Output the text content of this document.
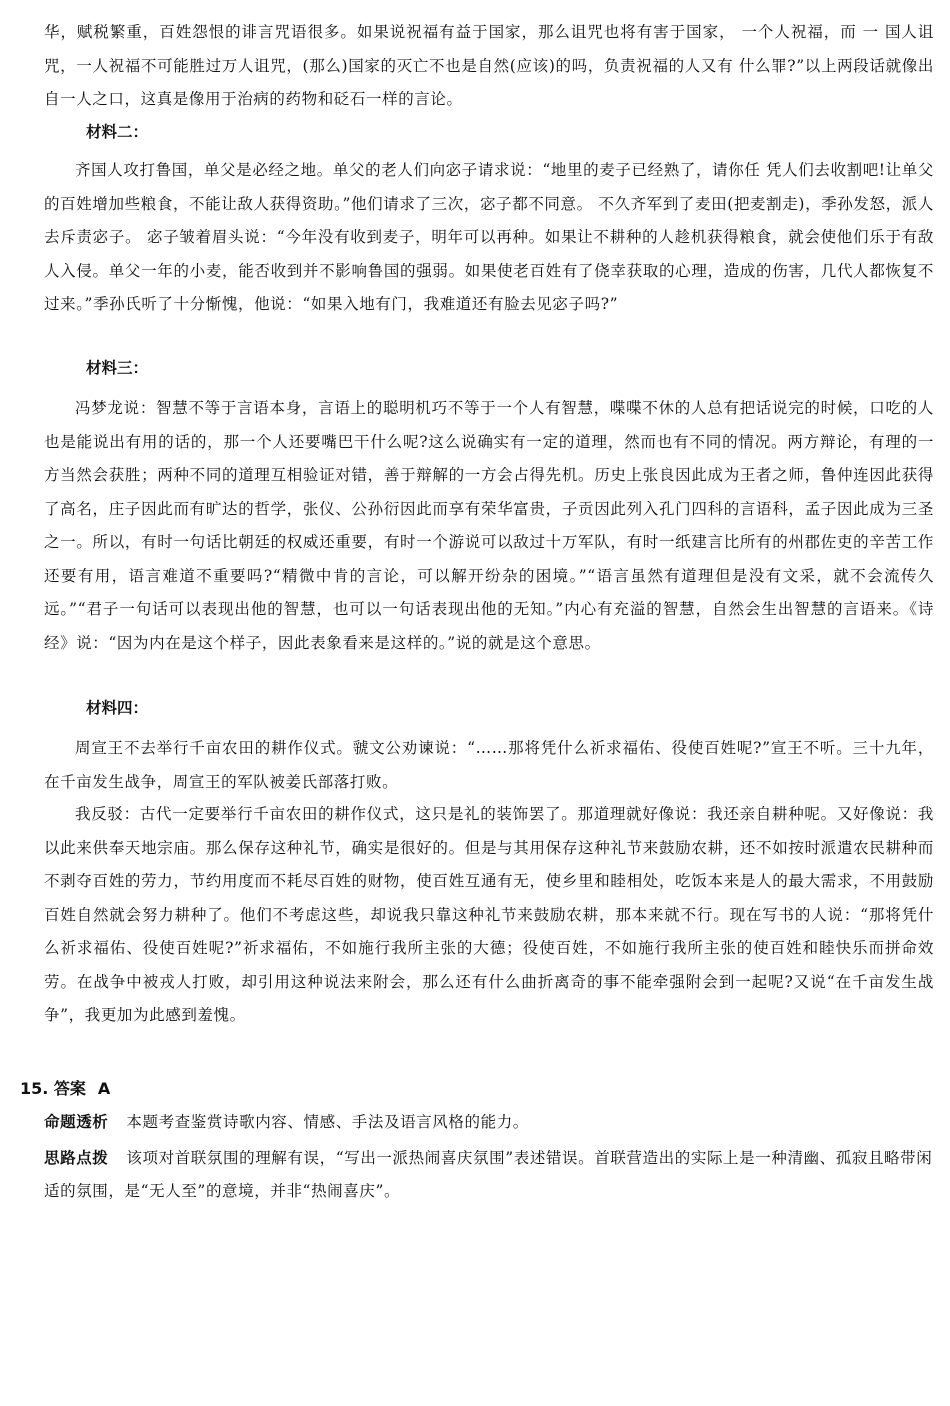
华，赋税繁重，百姓怨恨的诽言咒语很多。如果说祝福有益于国家，那么诅咒也将有害于国家， 一个人祝福，而 一 国人诅咒，一人祝福不可能胜过万人诅咒，(那么)国家的灭亡不也是自然(应该)的吗，负责祝福的人又有 什么罪?”以上两段话就像出自一人之口，这真是像用于治病的药物和砭石一样的言论。

材料二：

齐国人攻打鲁国，单父是必经之地。单父的老人们向宓子请求说：“地里的麦子已经熟了，请你任 凭人们去收割吧!让单父的百姓增加些粮食，不能让敌人获得资助。”他们请求了三次，宓子都不同意。 不久齐军到了麦田(把麦割走)，季孙发怒，派人去斥责宓子。 宓子皱着眉头说：“今年没有收到麦子，明年可以再种。如果让不耕种的人趁机获得粮食，就会使他们乐于有敌人入侵。单父一年的小麦，能否收到并不影响鲁国的强弱。如果使老百姓有了侥幸获取的心理，造成的伤害，几代人都恢复不过来。”季孙氏听了十分惭愧，他说：“如果入地有门，我难道还有脸去见宓子吗?”

材料三：

冯梦龙说：智慧不等于言语本身，言语上的聪明机巧不等于一个人有智慧，喋喋不休的人总有把话说完的时候，口吃的人也是能说出有用的话的，那一个人还要嘴巴干什么呢?这么说确实有一定的道理，然而也有不同的情况。两方辩论，有理的一方当然会获胜；两种不同的道理互相验证对错，善于辩解的一方会占得先机。历史上张良因此成为王者之师，鲁仲连因此获得了高名，庄子因此而有旷达的哲学，张仪、公孙衍因此而享有荣华富贵，子贡因此列入孔门四科的言语科，孟子因此成为三圣之一。所以，有时一句话比朝廷的权威还重要，有时一个游说可以敌过十万军队，有时一纸建言比所有的州郡佐吏的辛苦工作还要有用，语言难道不重要吗?“精微中肯的言论，可以解开纷杂的困境。”“语言虽然有道理但是没有文采，就不会流传久远。”“君子一句话可以表现出他的智慧，也可以一句话表现出他的无知。”内心有充溢的智慧，自然会生出智慧的言语来。《诗经》说：“因为内在是这个样子，因此表象看来是这样的。”说的就是这个意思。

材料四：

周宣王不去举行千亩农田的耕作仪式。虢文公劝谏说：“……那将凭什么祈求福佑、役使百姓呢?”宣王不听。三十九年，在千亩发生战争，周宣王的军队被姜氏部落打败。

我反驳：古代一定要举行千亩农田的耕作仪式，这只是礼的装饰罢了。那道理就好像说：我还亲自耕种呢。又好像说：我以此来供奉天地宗庙。那么保存这种礼节，确实是很好的。但是与其用保存这种礼节来鼓励农耕，还不如按时派遣农民耕种而不剥夺百姓的劳力，节约用度而不耗尽百姓的财物，使百姓互通有无，使乡里和睦相处，吃饭本来是人的最大需求，不用鼓励百姓自然就会努力耕种了。他们不考虑这些，却说我只靠这种礼节来鼓励农耕，那本来就不行。现在写书的人说：“那将凭什么祈求福佑、役使百姓呢?”祈求福佑，不如施行我所主张的大德；役使百姓，不如施行我所主张的使百姓和睦快乐而拼命效劳。在战争中被戎人打败，却引用这种说法来附会，那么还有什么曲折离奇的事不能牵强附会到一起呢?又说“在千亩发生战争”，我更加为此感到羞愧。

15. 答案 A

命题透析 本题考查鉴赏诗歌内容、情感、手法及语言风格的能力。

思路点拨 该项对首联氛围的理解有误，“写出一派热闹喜庆氛围”表述错误。首联营造出的实际上是一种清幽、孤寂且略带闲适的氛围，是“无人至”的意境，并非“热闹喜庆”。
